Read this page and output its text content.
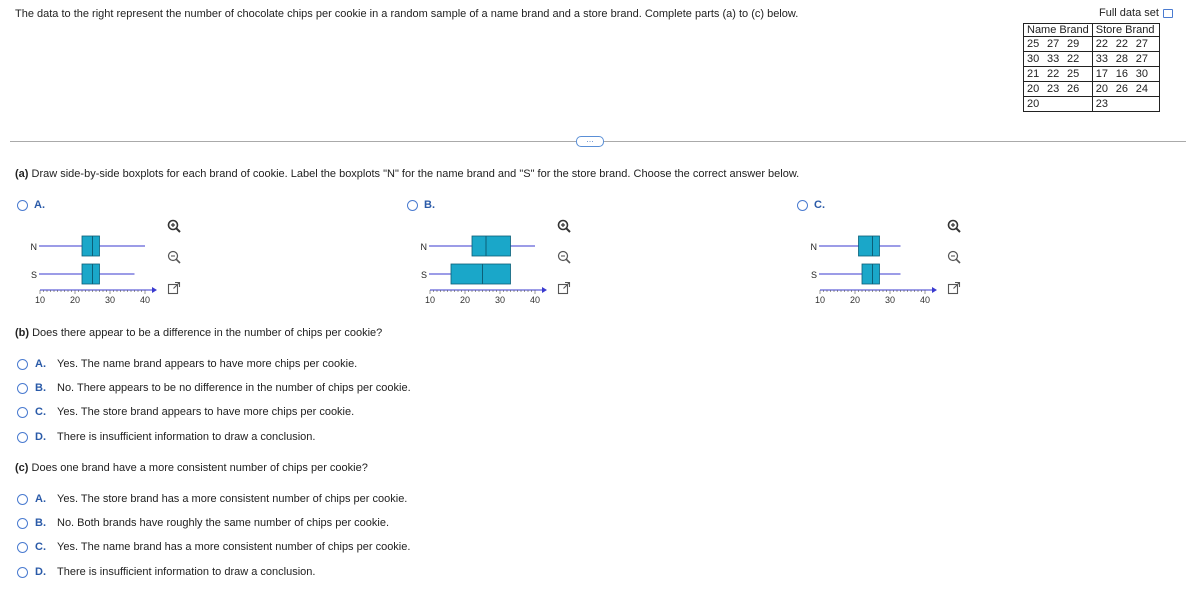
The data to the right represent the number of chocolate chips per cookie in a random sample of a name brand and a store brand. Complete parts (a) to (c) below.	Full data set
Name Brand	Store Brand
25 27 29	22 22 27
30 33 22	33 28 27
21 22 25	17 16 30
20 23 26	20 26 24
20	23
…
(a) Draw side-by-side boxplots for each brand of cookie. Label the boxplots "N" for the name brand and "S" for the store brand. Choose the correct answer below.
A.	B.	C.
N
S
10	20	30	40
N
S
10	20	30	40
N
S
10	20	30	40
(b) Does there appear to be a difference in the number of chips per cookie?
A.	Yes. The name brand appears to have more chips per cookie.
B.	No. There appears to be no difference in the number of chips per cookie.
C.	Yes. The store brand appears to have more chips per cookie.
D.	There is insufficient information to draw a conclusion.
(c) Does one brand have a more consistent number of chips per cookie?
A.	Yes. The store brand has a more consistent number of chips per cookie.
B.	No. Both brands have roughly the same number of chips per cookie.
C.	Yes. The name brand has a more consistent number of chips per cookie.
D.	There is insufficient information to draw a conclusion.
